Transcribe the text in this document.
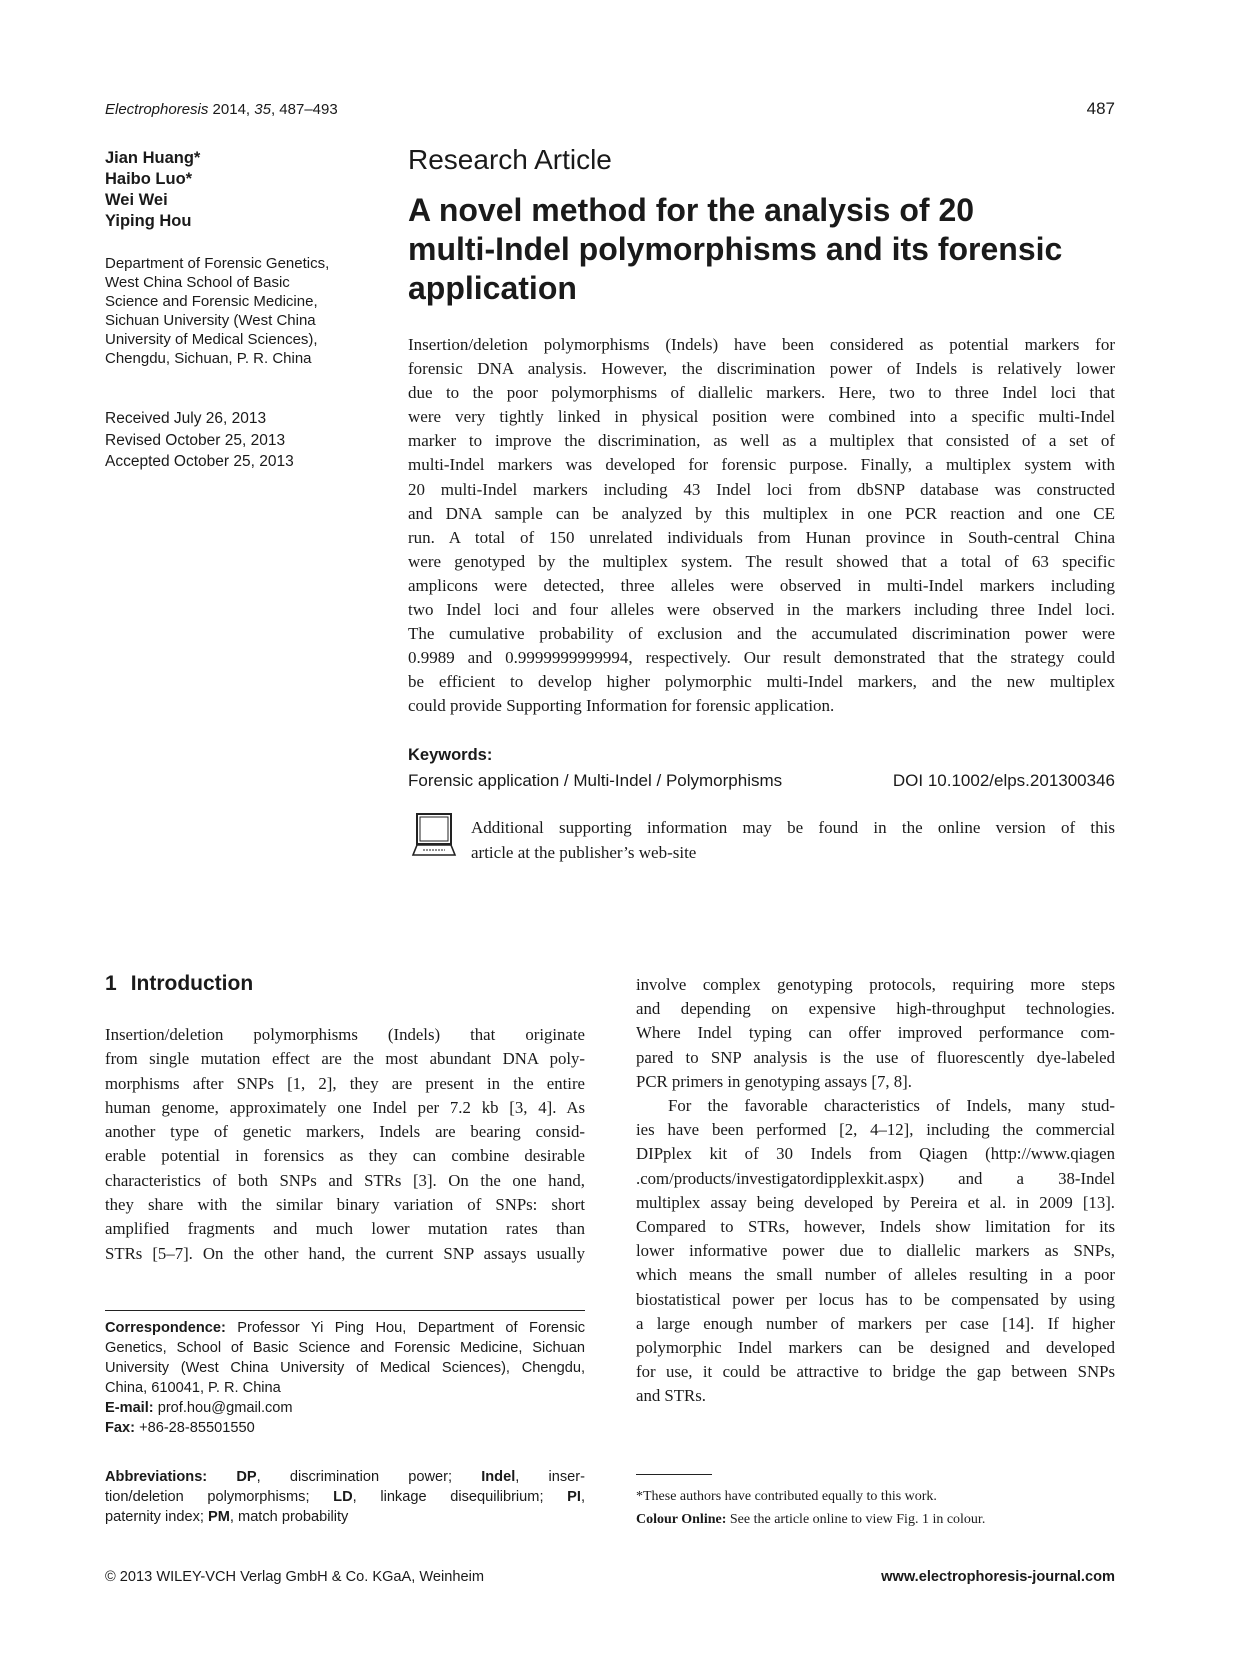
Electrophoresis 2014, 35, 487–493	487
Jian Huang*
Haibo Luo*
Wei Wei
Yiping Hou
Department of Forensic Genetics,
West China School of Basic
Science and Forensic Medicine,
Sichuan University (West China
University of Medical Sciences),
Chengdu, Sichuan, P. R. China
Received July 26, 2013
Revised October 25, 2013
Accepted October 25, 2013
Research Article
A novel method for the analysis of 20
multi-Indel polymorphisms and its forensic
application
Insertion/deletion polymorphisms (Indels) have been considered as potential markers for
forensic DNA analysis. However, the discrimination power of Indels is relatively lower
due to the poor polymorphisms of diallelic markers. Here, two to three Indel loci that
were very tightly linked in physical position were combined into a specific multi-Indel
marker to improve the discrimination, as well as a multiplex that consisted of a set of
multi-Indel markers was developed for forensic purpose. Finally, a multiplex system with
20 multi-Indel markers including 43 Indel loci from dbSNP database was constructed
and DNA sample can be analyzed by this multiplex in one PCR reaction and one CE
run. A total of 150 unrelated individuals from Hunan province in South-central China
were genotyped by the multiplex system. The result showed that a total of 63 specific
amplicons were detected, three alleles were observed in multi-Indel markers including
two Indel loci and four alleles were observed in the markers including three Indel loci.
The cumulative probability of exclusion and the accumulated discrimination power were
0.9989 and 0.9999999999994, respectively. Our result demonstrated that the strategy could
be efficient to develop higher polymorphic multi-Indel markers, and the new multiplex
could provide Supporting Information for forensic application.
Keywords:
Forensic application / Multi-Indel / Polymorphisms	DOI 10.1002/elps.201300346
Additional supporting information may be found in the online version of this
article at the publisher’s web-site
1 Introduction
Insertion/deletion polymorphisms (Indels) that originate
from single mutation effect are the most abundant DNA poly-
morphisms after SNPs [1, 2], they are present in the entire
human genome, approximately one Indel per 7.2 kb [3, 4]. As
another type of genetic markers, Indels are bearing consid-
erable potential in forensics as they can combine desirable
characteristics of both SNPs and STRs [3]. On the one hand,
they share with the similar binary variation of SNPs: short
amplified fragments and much lower mutation rates than
STRs [5–7]. On the other hand, the current SNP assays usually
involve complex genotyping protocols, requiring more steps
and depending on expensive high-throughput technologies.
Where Indel typing can offer improved performance com-
pared to SNP analysis is the use of fluorescently dye-labeled
PCR primers in genotyping assays [7, 8].
For the favorable characteristics of Indels, many stud-
ies have been performed [2, 4–12], including the commercial
DIPplex kit of 30 Indels from Qiagen (http://www.qiagen
.com/products/investigatordipplexkit.aspx) and a 38-Indel
multiplex assay being developed by Pereira et al. in 2009 [13].
Compared to STRs, however, Indels show limitation for its
lower informative power due to diallelic markers as SNPs,
which means the small number of alleles resulting in a poor
biostatistical power per locus has to be compensated by using
a large enough number of markers per case [14]. If higher
polymorphic Indel markers can be designed and developed
for use, it could be attractive to bridge the gap between SNPs
and STRs.
Correspondence: Professor Yi Ping Hou, Department of Forensic
Genetics, School of Basic Science and Forensic Medicine, Sichuan
University (West China University of Medical Sciences), Chengdu,
China, 610041, P. R. China
E-mail: prof.hou@gmail.com
Fax: +86-28-85501550
Abbreviations: DP, discrimination power; Indel, inser-
tion/deletion polymorphisms; LD, linkage disequilibrium; PI,
paternity index; PM, match probability
*These authors have contributed equally to this work.
Colour Online: See the article online to view Fig. 1 in colour.
© 2013 WILEY-VCH Verlag GmbH & Co. KGaA, Weinheim	www.electrophoresis-journal.com
